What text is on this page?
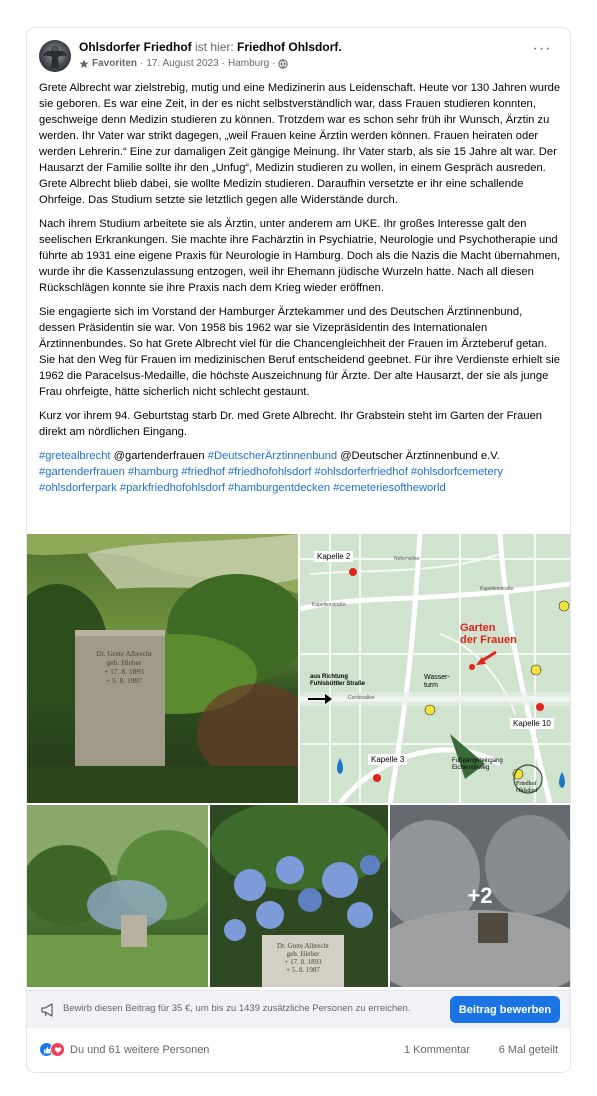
Ohlsdorfer Friedhof ist hier: Friedhof Ohlsdorf.
Favoriten · 17. August 2023 · Hamburg ·
···

Grete Albrecht war zielstrebig, mutig und eine Medizinerin aus Leidenschaft. Heute vor 130 Jahren wurde sie geboren. Es war eine Zeit, in der es nicht selbstverständlich war, dass Frauen studieren konnten, geschweige denn Medizin studieren zu können. Trotzdem war es schon sehr früh ihr Wunsch, Ärztin zu werden. Ihr Vater war strikt dagegen, „weil Frauen keine Ärztin werden können. Frauen heiraten oder werden Lehrerin.“ Eine zur damaligen Zeit gängige Meinung. Ihr Vater starb, als sie 15 Jahre alt war. Der Hausarzt der Familie sollte ihr den „Unfug“, Medizin studieren zu wollen, in einem Gespräch ausreden. Grete Albrecht blieb dabei, sie wollte Medizin studieren. Daraufhin versetzte er ihr eine schallende Ohrfeige. Das Studium setzte sie letztlich gegen alle Widerstände durch.

Nach ihrem Studium arbeitete sie als Ärztin, unter anderem am UKE. Ihr großes Interesse galt den seelischen Erkrankungen. Sie machte ihre Fachärztin in Psychiatrie, Neurologie und Psychotherapie und führte ab 1931 eine eigene Praxis für Neurologie in Hamburg. Doch als die Nazis die Macht übernahmen, wurde ihr die Kassenzulassung entzogen, weil ihr Ehemann jüdische Wurzeln hatte. Nach all diesen Rückschlägen konnte sie ihre Praxis nach dem Krieg wieder eröffnen.

Sie engagierte sich im Vorstand der Hamburger Ärztekammer und des Deutschen Ärztinnenbund, dessen Präsidentin sie war. Von 1958 bis 1962 war sie Vizepräsidentin des Internationalen Ärztinnenbundes. So hat Grete Albrecht viel für die Chancengleichheit der Frauen im Ärzteberuf getan. Sie hat den Weg für Frauen im medizinischen Beruf entscheidend geebnet. Für ihre Verdienste erhielt sie 1962 die Paracelsus-Medaille, die höchste Auszeichnung für Ärzte. Der alte Hausarzt, der sie als junge Frau ohrfeigte, hätte sicherlich nicht schlecht gestaunt.

Kurz vor ihrem 94. Geburtstag starb Dr. med Grete Albrecht. Ihr Grabstein steht im Garten der Frauen direkt am nördlichen Eingang.

#gretealbrecht @gartenderfrauen #DeutscherÄrztinnenbund @Deutscher Ärztinnenbund e.V. #gartenderfrauen #hamburg #friedhof #friedhofohlsdorf #ohlsdorferfriedhof #ohlsdorfcemetery #ohlsdorferpark #parkfriedhofohlsdorf #hamburgentdecken #cemeteriesoftheworld

Dr. Grete Albrecht
geb. Hieber
+ 17. 8. 1893
+ 5. 8. 1987
Kapelle 2	Nebenallee
Kapellenstraße
Kapellenstraße
Garten
der Frauen
Wasser-
turm
aus Richtung
Fuhlsbüttler Straße
Cordesallee
Kapelle 3
Kapelle 10
Fußgängereingang
Eichenlohweg
Friedhof
Ohlsdorf
Dr. Grete Albrecht
geb. Hieber
+ 17. 8. 1893
+ 5. 8. 1987
+2
Bewirb diesen Beitrag für 35 €, um bis zu 1439 zusätzliche Personen zu erreichen.	Beitrag bewerben
Du und 61 weitere Personen	1 Kommentar	6 Mal geteilt
